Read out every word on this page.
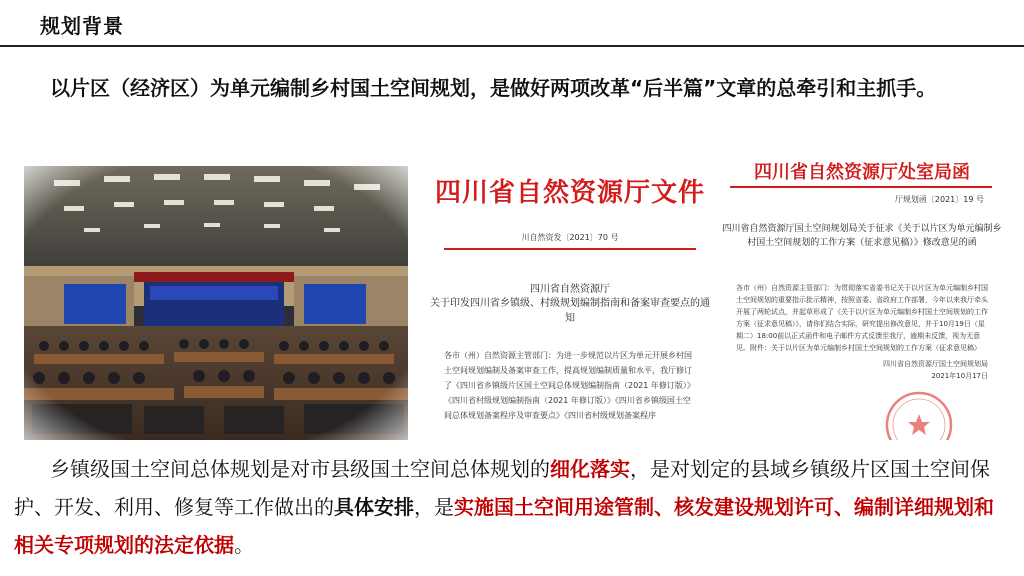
规划背景
以片区（经济区）为单元编制乡村国土空间规划，是做好两项改革“后半篇”文章的总牵引和主抓手。
四川省自然资源厅文件
川自然资发〔2021〕70 号
四川省自然资源厅
关于印发四川省乡镇级、村级规划编制指南和备案审查要点的通知
各市（州）自然资源主管部门：为进一步规范以片区为单元开展乡村国土空间规划编制及备案审查工作，提高规划编制质量和水平，我厅修订了《四川省乡镇级片区国土空间总体规划编制指南（2021 年修订版）》《四川省村级规划编制指南（2021 年修订版）》《四川省乡镇级国土空间总体规划备案程序及审查要点》《四川省村级规划备案程序
四川省自然资源厅处室局函
厅规划函〔2021〕19 号
四川省自然资源厅国土空间规划局关于征求《关于以片区为单元编制乡村国土空间规划的工作方案（征求意见稿）》修改意见的函
各市（州）自然资源主管部门：为贯彻落实省委书记关于以片区为单元编制乡村国土空间规划的重要指示批示精神，按照省委、省政府工作部署，今年以来我厅牵头开展了两轮试点，并起草形成了《关于以片区为单元编制乡村国土空间规划的工作方案（征求意见稿）》，请你们结合实际，研究提出修改意见，并于10月19日（星期二）18:00前以正式函件和电子邮件方式反馈至我厅，逾期未反馈，视为无意见。附件：关于以片区为单元编制乡村国土空间规划的工作方案（征求意见稿）

四川省自然资源厅国土空间规划局
2021年10月17日
乡镇级国土空间总体规划是对市县级国土空间总体规划的细化落实，是对划定的县域乡镇级片区国土空间保护、开发、利用、修复等工作做出的具体安排，是实施国土空间用途管制、核发建设规划许可、编制详细规划和相关专项规划的法定依据。
